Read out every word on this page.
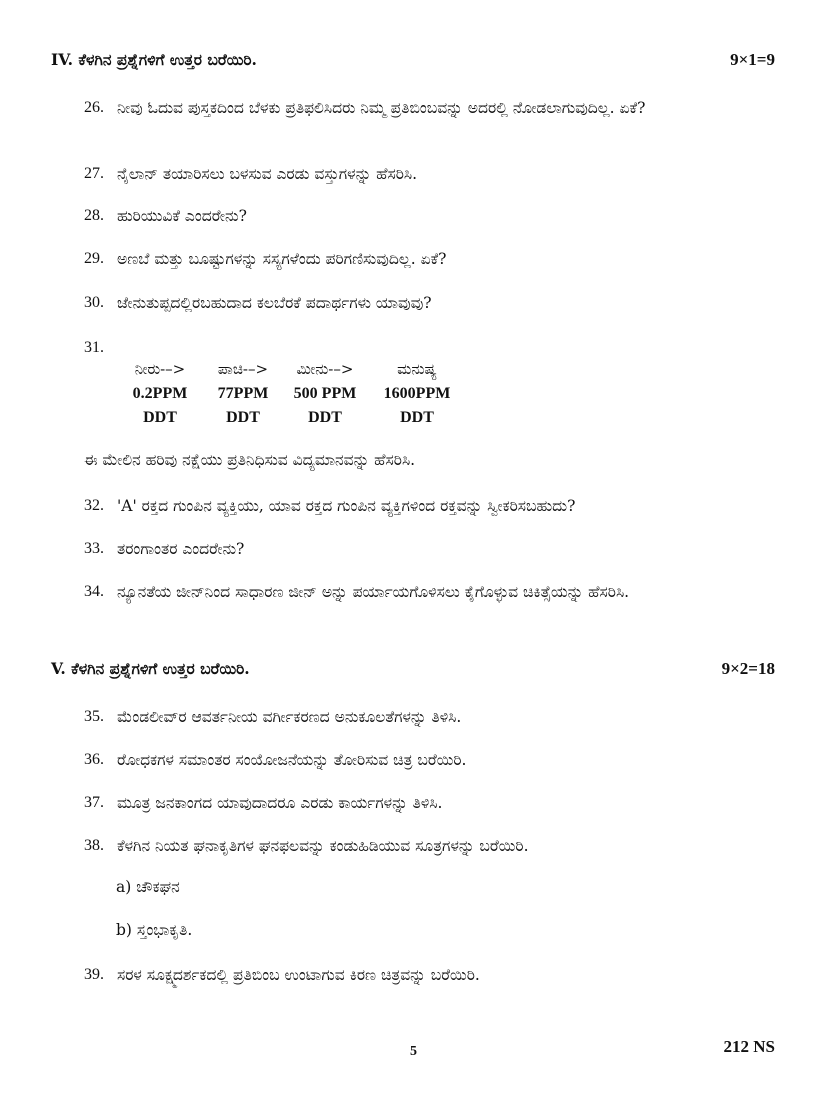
IV. ಕೆಳಗಿನ ಪ್ರಶ್ನೆಗಳಿಗೆ ಉತ್ತರ ಬರೆಯಿರಿ.	9×1=9
26. ನೀವು ಓದುವ ಪುಸ್ತಕದಿಂದ ಬೆಳಕು ಪ್ರತಿಫಲಿಸಿದರು ನಿಮ್ಮ ಪ್ರತಿಬಿಂಬವನ್ನು ಅದರಲ್ಲಿ ನೋಡಲಾಗುವುದಿಲ್ಲ. ಏಕೆ?
27. ನೈಲಾನ್ ತಯಾರಿಸಲು ಬಳಸುವ ಎರಡು ವಸ್ತುಗಳನ್ನು ಹೆಸರಿಸಿ.
28. ಹುರಿಯುವಿಕೆ ಎಂದರೇನು?
29. ಅಣಬೆ ಮತ್ತು ಬೂಷ್ಟುಗಳನ್ನು ಸಸ್ಯಗಳೆಂದು ಪರಿಗಣಿಸುವುದಿಲ್ಲ. ಏಕೆ?
30. ಜೇನುತುಪ್ಪದಲ್ಲಿರಬಹುದಾದ ಕಲಬೆರಕೆ ಪದಾರ್ಥಗಳು ಯಾವುವು?
31.
ನೀರು-–>	ಪಾಚಿ-–>	ಮೀನು-–>	ಮನುಷ್ಯ
0.2PPM	77PPM	500 PPM	1600PPM
DDT	DDT	DDT	DDT
ಈ ಮೇಲಿನ ಹರಿವು ನಕ್ಷೆಯು ಪ್ರತಿನಿಧಿಸುವ ವಿದ್ಯಮಾನವನ್ನು ಹೆಸರಿಸಿ.
32. 'A' ರಕ್ತದ ಗುಂಪಿನ ವ್ಯಕ್ತಿಯು, ಯಾವ ರಕ್ತದ ಗುಂಪಿನ ವ್ಯಕ್ತಿಗಳಿಂದ ರಕ್ತವನ್ನು ಸ್ವೀಕರಿಸಬಹುದು?
33. ತರಂಗಾಂತರ ಎಂದರೇನು?
34. ನ್ಯೂನತೆಯ ಜೀನ್‌ನಿಂದ ಸಾಧಾರಣ ಜೀನ್ ಅನ್ನು ಪರ್ಯಾಯಗೊಳಿಸಲು ಕೈಗೊಳ್ಳುವ ಚಿಕಿತ್ಸೆಯನ್ನು ಹೆಸರಿಸಿ.
V. ಕೆಳಗಿನ ಪ್ರಶ್ನೆಗಳಿಗೆ ಉತ್ತರ ಬರೆಯಿರಿ.	9×2=18
35. ಮೆಂಡಲೀವ್‌ರ ಆವರ್ತನೀಯ ವರ್ಗೀಕರಣದ ಅನುಕೂಲತೆಗಳನ್ನು ತಿಳಿಸಿ.
36. ರೋಧಕಗಳ ಸಮಾಂತರ ಸಂಯೋಜನೆಯನ್ನು ತೋರಿಸುವ ಚಿತ್ರ ಬರೆಯಿರಿ.
37. ಮೂತ್ರ ಜನಕಾಂಗದ ಯಾವುದಾದರೂ ಎರಡು ಕಾರ್ಯಗಳನ್ನು ತಿಳಿಸಿ.
38. ಕೆಳಗಿನ ನಿಯತ ಘನಾಕೃತಿಗಳ ಘನಫಲವನ್ನು ಕಂಡುಹಿಡಿಯುವ ಸೂತ್ರಗಳನ್ನು ಬರೆಯಿರಿ.
a) ಚೌಕಘನ
b) ಸ್ತಂಭಾಕೃತಿ.
39. ಸರಳ ಸೂಕ್ಷ್ಮದರ್ಶಕದಲ್ಲಿ ಪ್ರತಿಬಿಂಬ ಉಂಟಾಗುವ ಕಿರಣ ಚಿತ್ರವನ್ನು ಬರೆಯಿರಿ.
5	212 NS
